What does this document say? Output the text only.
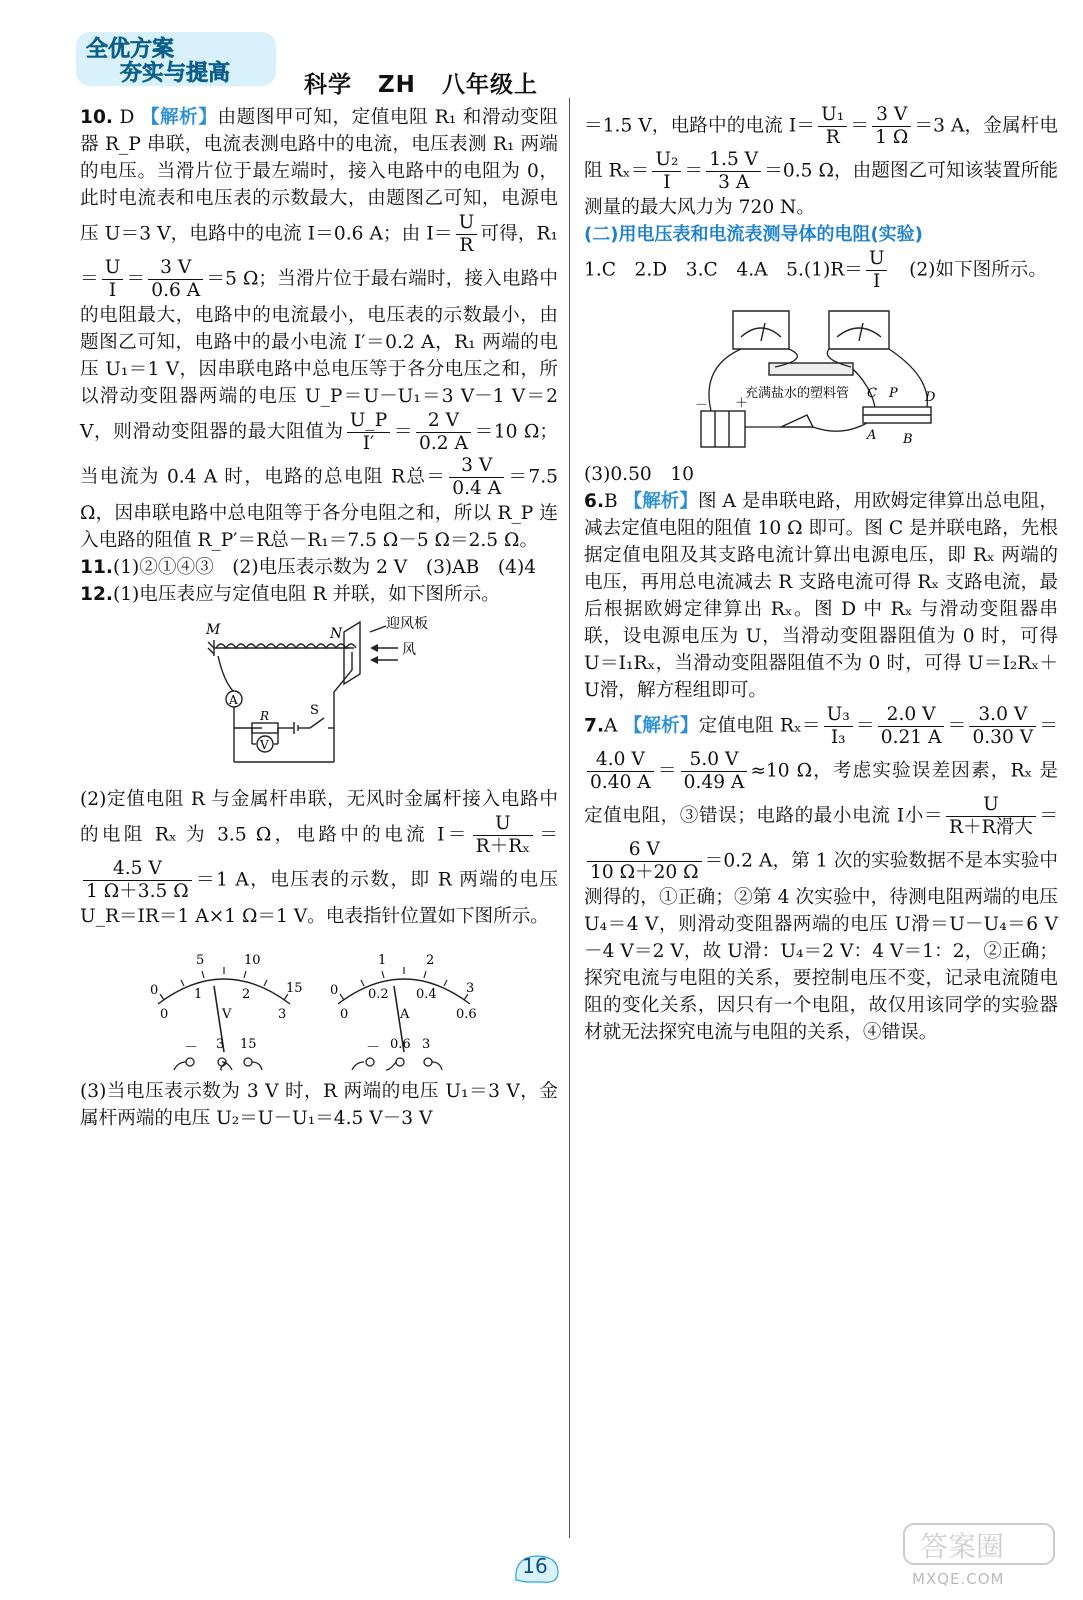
全优方案
夯实与提高	科学 ZH 八年级上

10. D 【解析】由题图甲可知，定值电阻 R₁ 和滑动变阻器 R_P 串联，电流表测电路中的电流，电压表测 R₁ 两端的电压。当滑片位于最左端时，接入电路中的电阻为 0，此时电流表和电压表的示数最大，由题图乙可知，电源电压 U＝3 V，电路中的电流 I＝0.6 A；由 $I= \frac{U}{R}$ 可得，$R_1= \frac{U}{I} = \frac{3 V}{0.6 A} =5$ Ω；当滑片位于最右端时，接入电路中的电阻最大，电路中的电流最小，电压表的示数最小，由题图乙可知，电路中的最小电流 I′＝0.2 A，R₁ 两端的电压 U₁＝1 V，因串联电路中总电压等于各分电压之和，所以滑动变阻器两端的电压 U_P＝U－U₁＝3 V－1 V＝2 V，则滑动变阻器的最大阻值为 $\frac{U\_P}{I'} = \frac{2 V}{0.2 A} =10$ Ω；当电流为 0.4 A 时，电路的总电阻 R总＝ $\frac{3 V}{0.4 A} =7.5$ Ω，因串联电路中总电阻等于各分电阻之和，所以 R_P 连入电路的阻值 R_P′＝R总－R₁＝7.5 Ω－5 Ω＝2.5 Ω。

11.(1)②①④③　(2)电压表示数为 2 V　(3)AB　(4)4

12.(1)电压表应与定值电阻 R 并联，如下图所示。

M	N
迎风板
风
A
R
V
S

(2)定值电阻 R 与金属杆串联，无风时金属杆接入电路中的电阻 Rₓ 为 3.5 Ω，电路中的电流 $I= \frac{U}{\text{R＋Rₓ}}$ ＝
$\frac{4.5 V}{1 \Omega+3.5 \Omega} =1$ A，电压表的示数，即 R 两端的电压 U_R＝IR＝1 A×1 Ω＝1 V。电表指针位置如下图所示。

0
5	10
15
0
1	2
3
V
－ 3 15
0
1	2
3
0
0.2 0.4
0.6
A
－ 0.6 3

(3)当电压表示数为 3 V 时，R 两端的电压 U₁＝3 V，金属杆两端的电压 U₂＝U－U₁＝4.5 V－3 V

＝1.5 V，电路中的电流 $I= \frac{\text{U₁}}{R} = \frac{3 V}{1 \Omega} =3$ A，金属杆电阻 $R_x= \frac{\text{U₂}}{I} = \frac{1.5 V}{3 A} =0.5$ Ω，由题图乙可知该装置所能测量的最大风力为 720 N。

(二)用电压表和电流表测导体的电阻(实验)

1.C　2.D　3.C　4.A　$5.(1)R= \frac{U}{I}$ 　(2)如下图所示。

充满盐水的塑料管 C P D
A B
－ ＋

(3)0.50　10

6.B 【解析】图 A 是串联电路，用欧姆定律算出总电阻，减去定值电阻的阻值 10 Ω 即可。图 C 是并联电路，先根据定值电阻及其支路电流计算出电源电压，即 Rₓ 两端的电压，再用总电流减去 R 支路电流可得 Rₓ 支路电流，最后根据欧姆定律算出 Rₓ。图 D 中 Rₓ 与滑动变阻器串联，设电源电压为 U，当滑动变阻器阻值为 0 时，可得 U＝I₁Rₓ，当滑动变阻器阻值不为 0 时，可得 U＝I₂Rₓ＋U滑，解方程组即可。

7.A 【解析】定值电阻 $R_x= \frac{\text{U₃}}{\text{I₃}} = \frac{2.0 V}{0.21 A} = \frac{3.0 V}{0.30 V}$ ＝
$\frac{4.0 V}{0.40 A} = \frac{5.0 V}{0.49 A} \approx 10$ Ω，考虑实验误差因素，Rₓ 是定值电阻，③错误；电路的最小电流 I小＝ $\frac{U}{\text{R＋R滑大}}$ ＝
$\frac{6 V}{10 \Omega+20 \Omega} =0.2$ A，第 1 次的实验数据不是本实验中测得的，①正确；②第 4 次实验中，待测电阻两端的电压 U₄＝4 V，则滑动变阻器两端的电压 U滑＝U－U₄＝6 V－4 V＝2 V，故 U滑：U₄＝2 V：4 V＝1：2，②正确；探究电流与电阻的关系，要控制电压不变，记录电流随电阻的变化关系，因只有一个电阻，故仅用该同学的实验器材就无法探究电流与电阻的关系，④错误。

16
答案圈
MXQE.COM
